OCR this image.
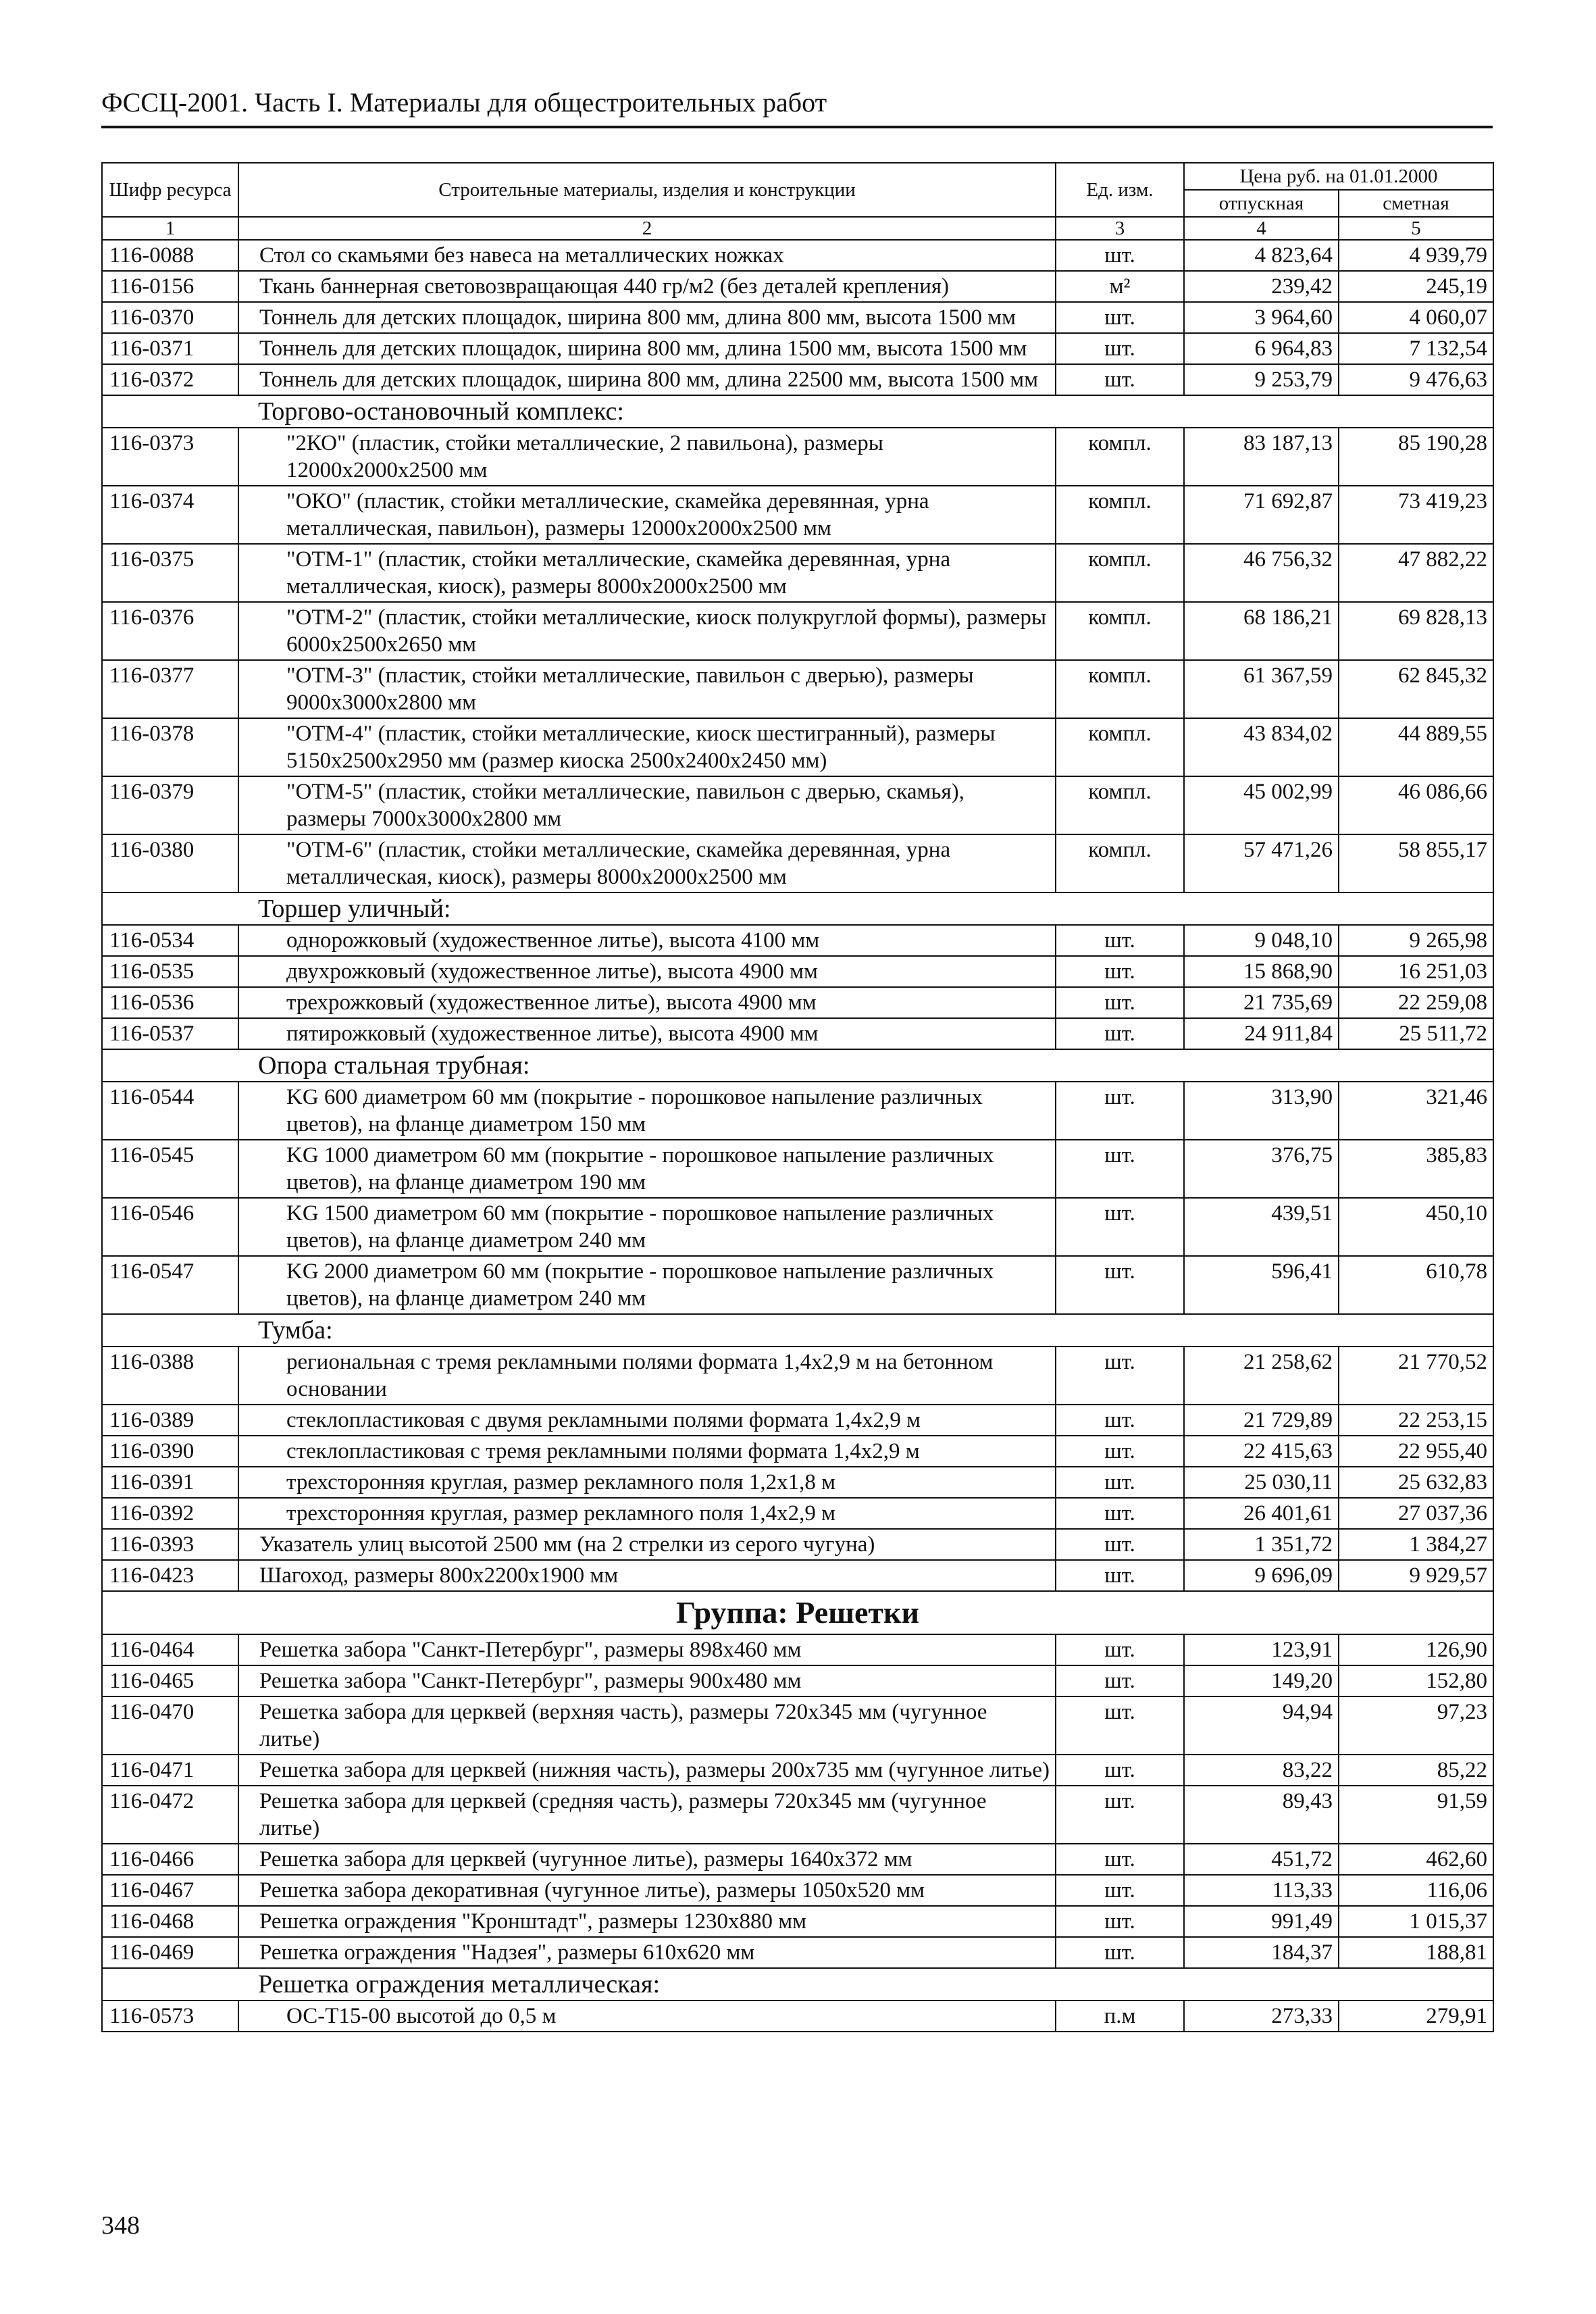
ФССЦ-2001. Часть I. Материалы для общестроительных работ
Шифр ресурса	Строительные материалы, изделия и конструкции	Ед. изм.	Цена руб. на 01.01.2000	
			отпускная	сметная
1	2	3	4	5
116-0088	Стол со скамьями без навеса на металлических ножках	шт.	4 823,64	4 939,79
116-0156	Ткань баннерная световозвращающая 440 гр/м2 (без деталей крепления)	м²	239,42	245,19
116-0370	Тоннель для детских площадок, ширина 800 мм, длина 800 мм, высота 1500 мм	шт.	3 964,60	4 060,07
116-0371	Тоннель для детских площадок, ширина 800 мм, длина 1500 мм, высота 1500 мм	шт.	6 964,83	7 132,54
116-0372	Тоннель для детских площадок, ширина 800 мм, длина 22500 мм, высота 1500 мм	шт.	9 253,79	9 476,63
Торгово-остановочный комплекс:				
116-0373	"2КО" (пластик, стойки металлические, 2 павильона), размеры 12000х2000х2500 мм	компл.	83 187,13	85 190,28
116-0374	"ОКО" (пластик, стойки металлические, скамейка деревянная, урна металлическая, павильон), размеры 12000х2000х2500 мм	компл.	71 692,87	73 419,23
116-0375	"ОТМ-1" (пластик, стойки металлические, скамейка деревянная, урна металлическая, киоск), размеры 8000х2000х2500 мм	компл.	46 756,32	47 882,22
116-0376	"ОТМ-2" (пластик, стойки металлические, киоск полукруглой формы), размеры 6000х2500х2650 мм	компл.	68 186,21	69 828,13
116-0377	"ОТМ-3" (пластик, стойки металлические, павильон с дверью), размеры 9000х3000х2800 мм	компл.	61 367,59	62 845,32
116-0378	"ОТМ-4" (пластик, стойки металлические, киоск шестигранный), размеры 5150х2500х2950 мм (размер киоска 2500х2400х2450 мм)	компл.	43 834,02	44 889,55
116-0379	"ОТМ-5" (пластик, стойки металлические, павильон с дверью, скамья), размеры 7000х3000х2800 мм	компл.	45 002,99	46 086,66
116-0380	"ОТМ-6" (пластик, стойки металлические, скамейка деревянная, урна металлическая, киоск), размеры 8000х2000х2500 мм	компл.	57 471,26	58 855,17
Торшер уличный:				
116-0534	однорожковый (художественное литье), высота 4100 мм	шт.	9 048,10	9 265,98
116-0535	двухрожковый (художественное литье), высота 4900 мм	шт.	15 868,90	16 251,03
116-0536	трехрожковый (художественное литье), высота 4900 мм	шт.	21 735,69	22 259,08
116-0537	пятирожковый (художественное литье), высота 4900 мм	шт.	24 911,84	25 511,72
Опора стальная трубная:				
116-0544	KG 600 диаметром 60 мм (покрытие - порошковое напыление различных цветов), на фланце диаметром 150 мм	шт.	313,90	321,46
116-0545	KG 1000 диаметром 60 мм (покрытие - порошковое напыление различных цветов), на фланце диаметром 190 мм	шт.	376,75	385,83
116-0546	KG 1500 диаметром 60 мм (покрытие - порошковое напыление различных цветов), на фланце диаметром 240 мм	шт.	439,51	450,10
116-0547	KG 2000 диаметром 60 мм (покрытие - порошковое напыление различных цветов), на фланце диаметром 240 мм	шт.	596,41	610,78
Тумба:				
116-0388	региональная с тремя рекламными полями формата 1,4х2,9 м на бетонном основании	шт.	21 258,62	21 770,52
116-0389	стеклопластиковая с двумя рекламными полями формата 1,4х2,9 м	шт.	21 729,89	22 253,15
116-0390	стеклопластиковая с тремя рекламными полями формата 1,4х2,9 м	шт.	22 415,63	22 955,40
116-0391	трехсторонняя круглая, размер рекламного поля 1,2х1,8 м	шт.	25 030,11	25 632,83
116-0392	трехсторонняя круглая, размер рекламного поля 1,4х2,9 м	шт.	26 401,61	27 037,36
116-0393	Указатель улиц высотой 2500 мм (на 2 стрелки из серого чугуна)	шт.	1 351,72	1 384,27
116-0423	Шагоход, размеры 800х2200х1900 мм	шт.	9 696,09	9 929,57
Группа: Решетки				
116-0464	Решетка забора "Санкт-Петербург", размеры 898х460 мм	шт.	123,91	126,90
116-0465	Решетка забора "Санкт-Петербург", размеры 900х480 мм	шт.	149,20	152,80
116-0470	Решетка забора для церквей (верхняя часть), размеры 720х345 мм (чугунное литье)	шт.	94,94	97,23
116-0471	Решетка забора для церквей (нижняя часть), размеры 200х735 мм (чугунное литье)	шт.	83,22	85,22
116-0472	Решетка забора для церквей (средняя часть), размеры 720х345 мм (чугунное литье)	шт.	89,43	91,59
116-0466	Решетка забора для церквей (чугунное литье), размеры 1640х372 мм	шт.	451,72	462,60
116-0467	Решетка забора декоративная (чугунное литье), размеры 1050х520 мм	шт.	113,33	116,06
116-0468	Решетка ограждения "Кронштадт", размеры 1230х880 мм	шт.	991,49	1 015,37
116-0469	Решетка ограждения "Надзея", размеры 610х620 мм	шт.	184,37	188,81
Решетка ограждения металлическая:				
116-0573	ОС-Т15-00 высотой до 0,5 м	п.м	273,33	279,91
348
